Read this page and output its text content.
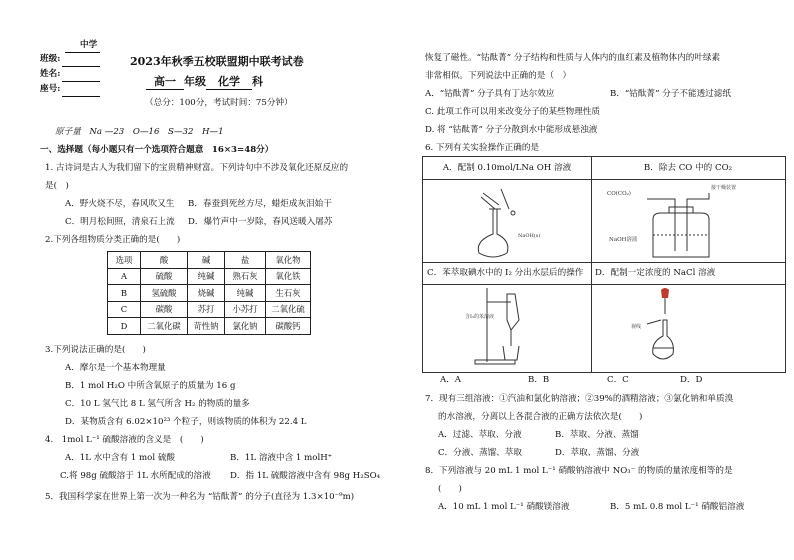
中学
班级:
姓名:
座号:
2023年秋季五校联盟期中联考试卷
高一 年级 化学 科
（总分：100分，考试时间：75分钟）
原子量　Na —23　O—16　S—32　H—1
一、选择题（每小题只有一个选项符合题意　16×3=48分）
1. 古诗词是古人为我们留下的宝贵精神财富。下列诗句中不涉及氧化还原反应的
是(　)
A．野火烧不尽，春风吹又生 B．春蚕到死丝方尽，蜡炬成灰泪始干
C．明月松间照，清泉石上流 D．爆竹声中一岁除，春风送暖入屠苏
2.下列各组物质分类正确的是(　　)
选项	酸	碱	盐	氧化物
A	硫酸	纯碱	熟石灰	氧化铁
B	氢硫酸	烧碱	纯碱	生石灰
C	碳酸	苏打	小苏打	二氧化硫
D	二氧化碳	苛性钠	氯化钠	碳酸钙
3.下列说法正确的是(　　)
A．摩尔是一个基本物理量
B．1 mol H₂O 中所含氧原子的质量为 16 g
C．10 L 氢气比 8 L 氢气所含 H₂ 的物质的量多
D．某物质含有 6.02×10²³ 个粒子，则该物质的体积为 22.4 L
4.　1mol L⁻¹ 硫酸溶液的含义是　(　　)
A．1L 水中含有 1 mol 硫酸	B．1L 溶液中含 1 molH⁺
C.将 98g 硫酸溶于 1L 水所配成的溶液 D．指 1L 硫酸溶液中含有 98g H₂SO₄
5．我国科学家在世界上第一次为一种名为 “钴酞菁” 的分子(直径为 1.3×10⁻⁹m)
恢复了磁性。“钴酞菁” 分子结构和性质与人体内的血红素及植物体内的叶绿素
非常相似。下列说法中正确的是（　）
A．“钴酞菁” 分子具有丁达尔效应	B．“钴酞菁” 分子不能透过滤纸
C. 此项工作可以用来改变分子的某些物理性质
D. 将 “钴酞菁” 分子分散到水中能形成悬浊液
6. 下列有关实验操作正确的是
A．配制 0.10mol/LNa OH 溶液
NaOH(s)
B．除去 CO 中的 CO₂
CO(CO₂)
接干燥装置
NaOH溶液
C．苯萃取碘水中的 I₂ 分出水层后的操作
含I₂的苯溶液
D．配制一定浓度的 NaCl 溶液
视线
A．A	B．B	C．C	D．D
7．现有三组溶液：①汽油和氯化钠溶液；②39%的酒精溶液；③氯化钠和单质溴
的水溶液，分离以上各混合液的正确方法依次是(　　)
A．过滤、萃取、分液	B．萃取、分液、蒸馏
C．分液、蒸馏、萃取	D．萃取、蒸馏、分液
8．下列溶液与 20 mL 1 mol L⁻¹ 硝酸钠溶液中 NO₃⁻ 的物质的量浓度相等的是
(　　)
A．10 mL 1 mol L⁻¹ 硝酸镁溶液	B．5 mL 0.8 mol L⁻¹ 硝酸铝溶液
